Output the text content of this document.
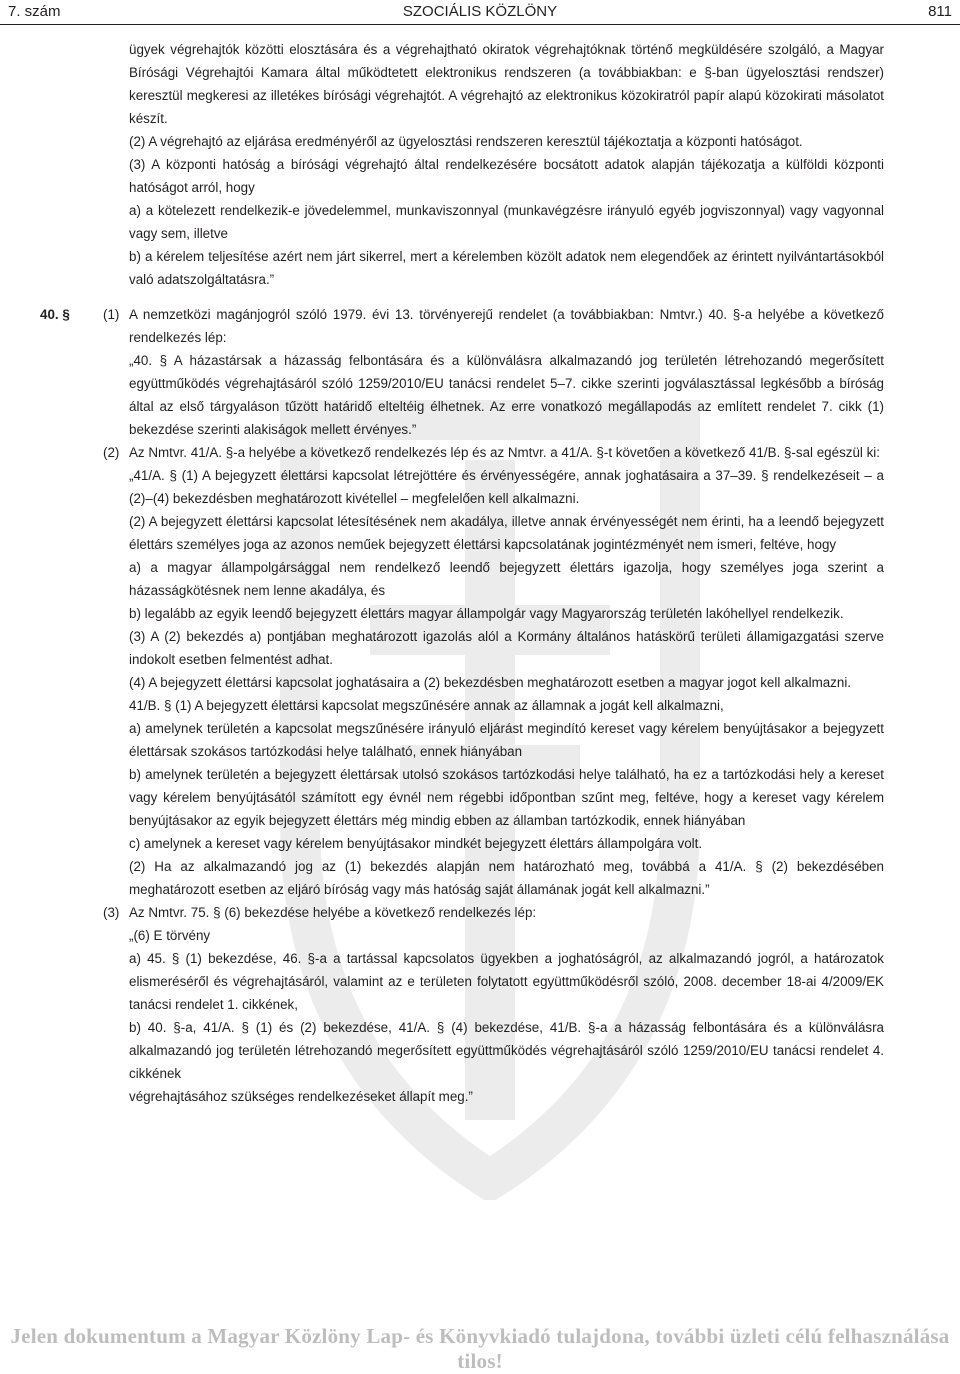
7. szám	SZOCIÁLIS KÖZLÖNY	811

ügyek végrehajtók közötti elosztására és a végrehajtható okiratok végrehajtóknak történő megküldésére szolgáló, a Magyar Bírósági Végrehajtói Kamara által működtetett elektronikus rendszeren (a továbbiakban: e §-ban ügyelosztási rendszer) keresztül megkeresi az illetékes bírósági végrehajtót. A végrehajtó az elektronikus közokiratról papír alapú közokirati másolatot készít.

(2) A végrehajtó az eljárása eredményéről az ügyelosztási rendszeren keresztül tájékoztatja a központi hatóságot.

(3) A központi hatóság a bírósági végrehajtó által rendelkezésére bocsátott adatok alapján tájékozatja a külföldi központi hatóságot arról, hogy

a) a kötelezett rendelkezik-e jövedelemmel, munkaviszonnyal (munkavégzésre irányuló egyéb jogviszonnyal) vagy vagyonnal vagy sem, illetve

b) a kérelem teljesítése azért nem járt sikerrel, mert a kérelemben közölt adatok nem elegendőek az érintett nyilvántartásokból való adatszolgáltatásra.”

40. § (1) A nemzetközi magánjogról szóló 1979. évi 13. törvényerejű rendelet (a továbbiakban: Nmtvr.) 40. §-a helyébe a következő rendelkezés lép:

„40. § A házastársak a házasság felbontására és a különválásra alkalmazandó jog területén létrehozandó megerősített együttműködés végrehajtásáról szóló 1259/2010/EU tanácsi rendelet 5–7. cikke szerinti jogválasztással legkésőbb a bíróság által az első tárgyaláson tűzött határidő elteltéig élhetnek. Az erre vonatkozó megállapodás az említett rendelet 7. cikk (1) bekezdése szerinti alakiságok mellett érvényes.”

(2) Az Nmtvr. 41/A. §-a helyébe a következő rendelkezés lép és az Nmtvr. a 41/A. §-t követően a következő 41/B. §-sal egészül ki:

„41/A. § (1) A bejegyzett élettársi kapcsolat létrejöttére és érvényességére, annak joghatásaira a 37–39. § rendelkezéseit – a (2)–(4) bekezdésben meghatározott kivétellel – megfelelően kell alkalmazni.

(2) A bejegyzett élettársi kapcsolat létesítésének nem akadálya, illetve annak érvényességét nem érinti, ha a leendő bejegyzett élettárs személyes joga az azonos neműek bejegyzett élettársi kapcsolatának jogintézményét nem ismeri, feltéve, hogy

a) a magyar állampolgársággal nem rendelkező leendő bejegyzett élettárs igazolja, hogy személyes joga szerint a házasságkötésnek nem lenne akadálya, és

b) legalább az egyik leendő bejegyzett élettárs magyar állampolgár vagy Magyarország területén lakóhellyel rendelkezik.

(3) A (2) bekezdés a) pontjában meghatározott igazolás alól a Kormány általános hatáskörű területi államigazgatási szerve indokolt esetben felmentést adhat.

(4) A bejegyzett élettársi kapcsolat joghatásaira a (2) bekezdésben meghatározott esetben a magyar jogot kell alkalmazni.

41/B. § (1) A bejegyzett élettársi kapcsolat megszűnésére annak az államnak a jogát kell alkalmazni,

a) amelynek területén a kapcsolat megszűnésére irányuló eljárást megindító kereset vagy kérelem benyújtásakor a bejegyzett élettársak szokásos tartózkodási helye található, ennek hiányában

b) amelynek területén a bejegyzett élettársak utolsó szokásos tartózkodási helye található, ha ez a tartózkodási hely a kereset vagy kérelem benyújtásától számított egy évnél nem régebbi időpontban szűnt meg, feltéve, hogy a kereset vagy kérelem benyújtásakor az egyik bejegyzett élettárs még mindig ebben az államban tartózkodik, ennek hiányában

c) amelynek a kereset vagy kérelem benyújtásakor mindkét bejegyzett élettárs állampolgára volt.

(2) Ha az alkalmazandó jog az (1) bekezdés alapján nem határozható meg, továbbá a 41/A. § (2) bekezdésében meghatározott esetben az eljáró bíróság vagy más hatóság saját államának jogát kell alkalmazni.”

(3) Az Nmtvr. 75. § (6) bekezdése helyébe a következő rendelkezés lép:

„(6) E törvény

a) 45. § (1) bekezdése, 46. §-a a tartással kapcsolatos ügyekben a joghatóságról, az alkalmazandó jogról, a határozatok elismeréséről és végrehajtásáról, valamint az e területen folytatott együttműködésről szóló, 2008. december 18-ai 4/2009/EK tanácsi rendelet 1. cikkének,

b) 40. §-a, 41/A. § (1) és (2) bekezdése, 41/A. § (4) bekezdése, 41/B. §-a a házasság felbontására és a különválásra alkalmazandó jog területén létrehozandó megerősített együttműködés végrehajtásáról szóló 1259/2010/EU tanácsi rendelet 4. cikkének

végrehajtásához szükséges rendelkezéseket állapít meg.”

Jelen dokumentum a Magyar Közlöny Lap- és Könyvkiadó tulajdona, további üzleti célú felhasználása tilos!
